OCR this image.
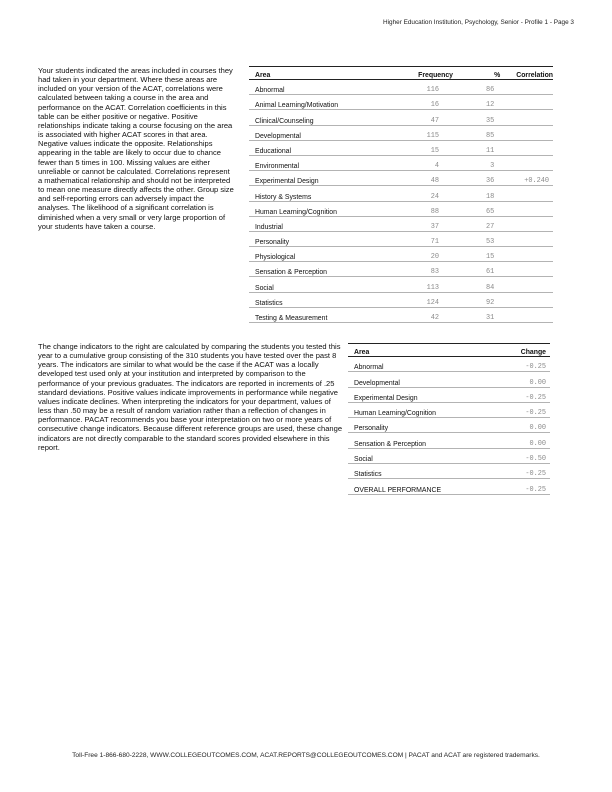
Higher Education Institution, Psychology, Senior - Profile 1 - Page 3

Your students indicated the areas included in courses they had taken in your department. Where these areas are included on your version of the ACAT, correlations were calculated between taking a course in the area and performance on the ACAT. Correlation coefficients in this table can be either positive or negative. Positive relationships indicate taking a course focusing on the area is associated with higher ACAT scores in that area. Negative values indicate the opposite. Relationships appearing in the table are likely to occur due to chance fewer than 5 times in 100. Missing values are either unreliable or cannot be calculated. Correlations represent a mathematical relationship and should not be interpreted to mean one measure directly affects the other. Group size and self-reporting errors can adversely impact the analyses. The likelihood of a significant correlation is diminished when a very small or very large proportion of your students have taken a course.

Area	Frequency	%	Correlation
Abnormal	116	86	
Animal Learning/Motivation	16	12	
Clinical/Counseling	47	35	
Developmental	115	85	
Educational	15	11	
Environmental	4	3	
Experimental Design	48	36	+0.240
History & Systems	24	18	
Human Learning/Cognition	88	65	
Industrial	37	27	
Personality	71	53	
Physiological	20	15	
Sensation & Perception	83	61	
Social	113	84	
Statistics	124	92	
Testing & Measurement	42	31	

The change indicators to the right are calculated by comparing the students you tested this year to a cumulative group consisting of the 310 students you have tested over the past 8 years. The indicators are similar to what would be the case if the ACAT was a locally developed test used only at your institution and interpreted by comparison to the performance of your previous graduates. The indicators are reported in increments of .25 standard deviations. Positive values indicate improvements in performance while negative values indicate declines. When interpreting the indicators for your department, values of less than .50 may be a result of random variation rather than a reflection of changes in performance. PACAT recommends you base your interpretation on two or more years of consecutive change indicators. Because different reference groups are used, these change indicators are not directly comparable to the standard scores provided elsewhere in this report.

Area	Change
Abnormal	-0.25
Developmental	0.00
Experimental Design	-0.25
Human Learning/Cognition	-0.25
Personality	0.00
Sensation & Perception	0.00
Social	-0.50
Statistics	-0.25
OVERALL PERFORMANCE	-0.25
Toll-Free 1-866-680-2228, WWW.COLLEGEOUTCOMES.COM, ACAT.REPORTS@COLLEGEOUTCOMES.COM | PACAT and ACAT are registered trademarks.
